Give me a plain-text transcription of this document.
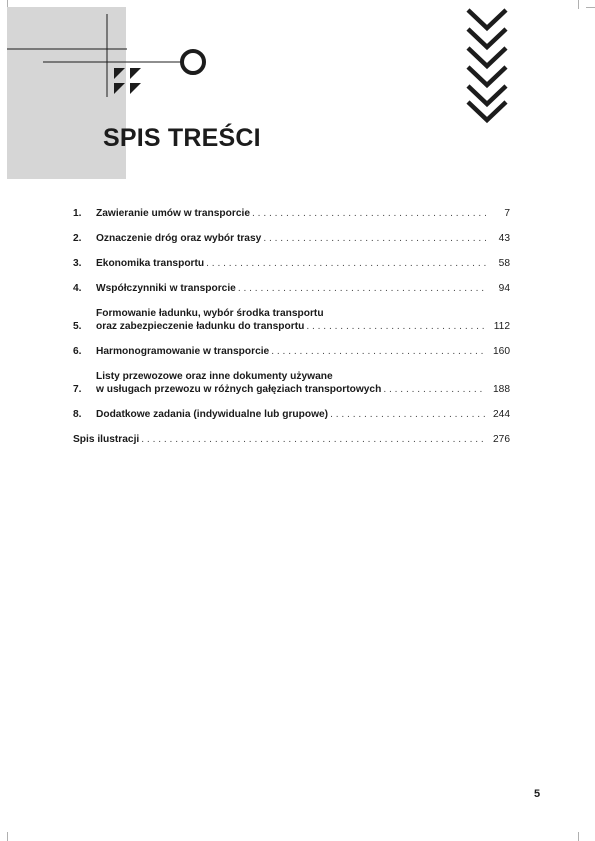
SPIS TREŚCI
1.	Zawieranie umów w transporcie . . .	7
2.	Oznaczenie dróg oraz wybór trasy . . .	43
3.	Ekonomika transportu . . .	58
4.	Współczynniki w transporcie . . .	94
5.
Formowanie ładunku, wybór środka transportu
oraz zabezpieczenie ładunku do transportu . . .	112
6.	Harmonogramowanie w transporcie . . .	160
7.
Listy przewozowe oraz inne dokumenty używane
w usługach przewozu w różnych gałęziach transportowych . . .	188
8.	Dodatkowe zadania (indywidualne lub grupowe) . . .	244
Spis ilustracji . . .	276
5
